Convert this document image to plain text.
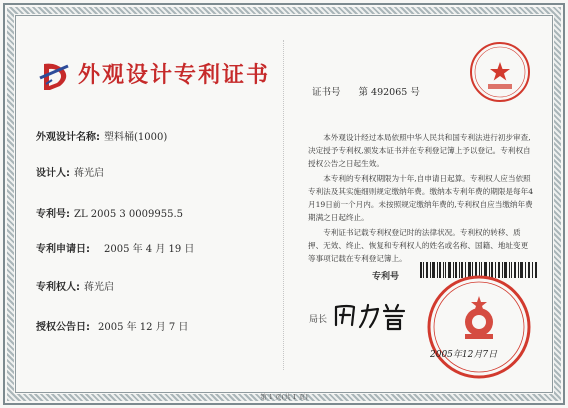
外观设计专利证书
外观设计名称: 塑料桶(1000)
设计人: 蒋光启
专利号: ZL 2005 3 0009955.5
专利申请日: 2005 年 4 月 19 日
专利权人: 蒋光启
授权公告日: 2005 年 12 月 7 日
证书号 第 492065 号

本外观设计经过本局依照中华人民共和国专利法进行初步审查,决定授予专利权,颁发本证书并在专利登记簿上予以登记。专利权自授权公告之日起生效。

本专利的专利权期限为十年,自申请日起算。专利权人应当依照专利法及其实施细则规定缴纳年费。缴纳本专利年费的期限是每年4月19日前一个月内。未按照规定缴纳年费的,专利权自应当缴纳年费期满之日起终止。

专利证书记载专利权登记时的法律状况。专利权的转移、质押、无效、终止、恢复和专利权人的姓名或名称、国籍、地址变更等事项记载在专利登记簿上。

专利号
局长
2005年12月7日
第 1 页(共 1 页)
